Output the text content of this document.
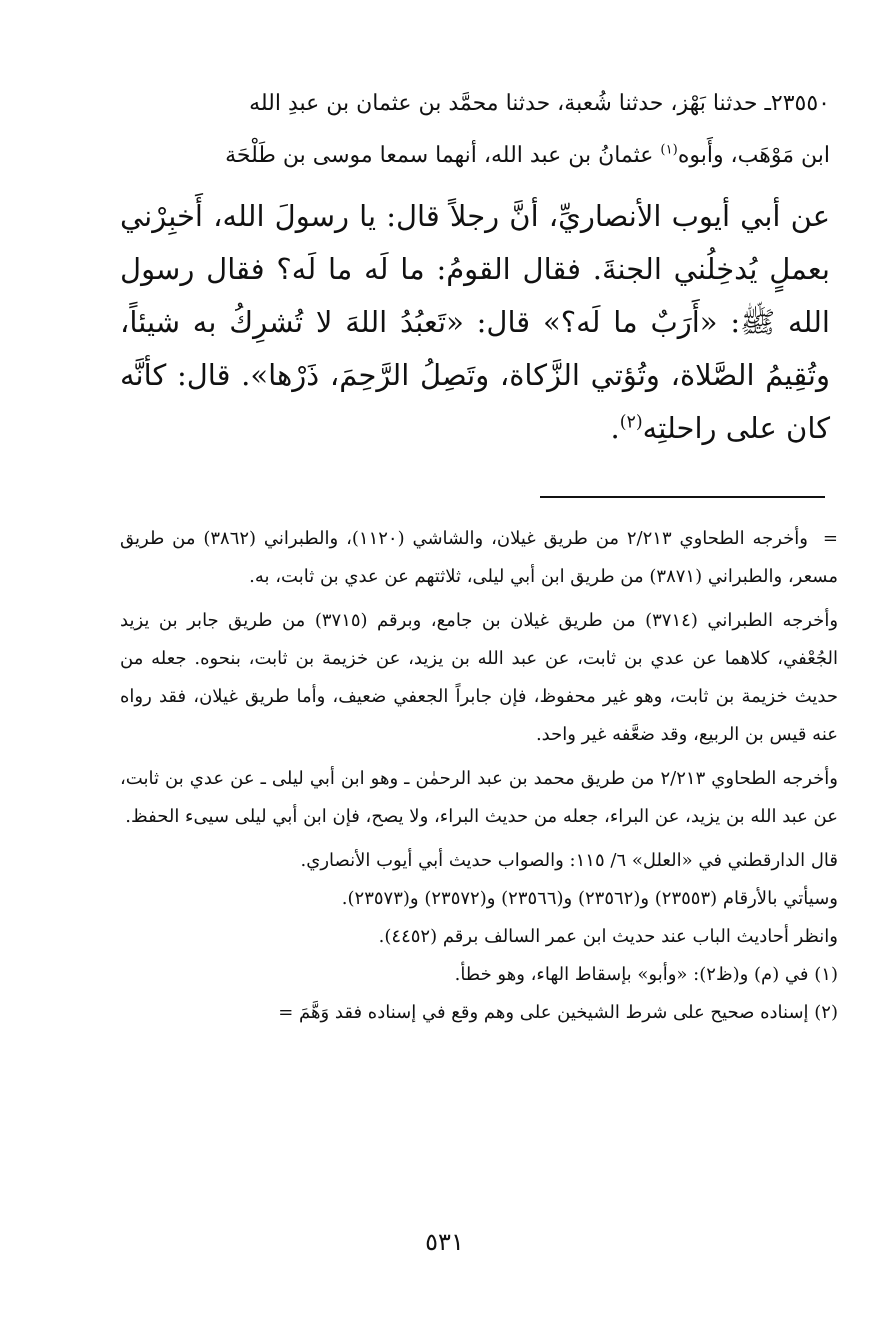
٢٣٥٥٠ـ حدثنا بَهْز، حدثنا شُعبة، حدثنا محمَّد بن عثمان بن عبدِ الله

ابن مَوْهَب، وأَبوه$^{(١)}$ عثمانُ بن عبد الله، أنهما سمعا موسى بن طَلْحَة

عن أبي أيوب الأنصاريِّ، أنَّ رجلاً قال: يا رسولَ الله، أَخبِرْني بعملٍ يُدخِلُني الجنةَ. فقال القومُ: ما لَه ما لَه؟ فقال رسول الله ﷺ: «أَرَبٌ ما لَه؟» قال: «تَعبُدُ اللهَ لا تُشرِكُ به شيئاً، وتُقِيمُ الصَّلاة، وتُؤتي الزَّكاة، وتَصِلُ الرَّحِمَ، ذَرْها». قال: كأنَّه كان على راحلتِه$^{(٢)}$.

=وأخرجه الطحاوي ٢/٢١٣ من طريق غيلان، والشاشي (١١٢٠)، والطبراني (٣٨٦٢) من طريق مسعر، والطبراني (٣٨٧١) من طريق ابن أبي ليلى، ثلاثتهم عن عدي بن ثابت، به.

وأخرجه الطبراني (٣٧١٤) من طريق غيلان بن جامع، وبرقم (٣٧١٥) من طريق جابر بن يزيد الجُعْفي، كلاهما عن عدي بن ثابت، عن عبد الله بن يزيد، عن خزيمة بن ثابت، بنحوه. جعله من حديث خزيمة بن ثابت، وهو غير محفوظ، فإن جابراً الجعفي ضعيف، وأما طريق غيلان، فقد رواه عنه قيس بن الربيع، وقد ضعَّفه غير واحد.

وأخرجه الطحاوي ٢/٢١٣ من طريق محمد بن عبد الرحمٰن ـ وهو ابن أبي ليلى ـ عن عدي بن ثابت، عن عبد الله بن يزيد، عن البراء، جعله من حديث البراء، ولا يصح، فإن ابن أبي ليلى سيىء الحفظ.

قال الدارقطني في «العلل» ٦/ ١١٥: والصواب حديث أبي أيوب الأنصاري.

وسيأتي بالأرقام (٢٣٥٥٣) و(٢٣٥٦٢) و(٢٣٥٦٦) و(٢٣٥٧٢) و(٢٣٥٧٣).

وانظر أحاديث الباب عند حديث ابن عمر السالف برقم (٤٤٥٢).

(١) في (م) و(ظ٢): «وأبو» بإسقاط الهاء، وهو خطأ.

(٢) إسناده صحيح على شرط الشيخين على وهم وقع في إسناده فقد وَهَّمَ =

٥٣١
